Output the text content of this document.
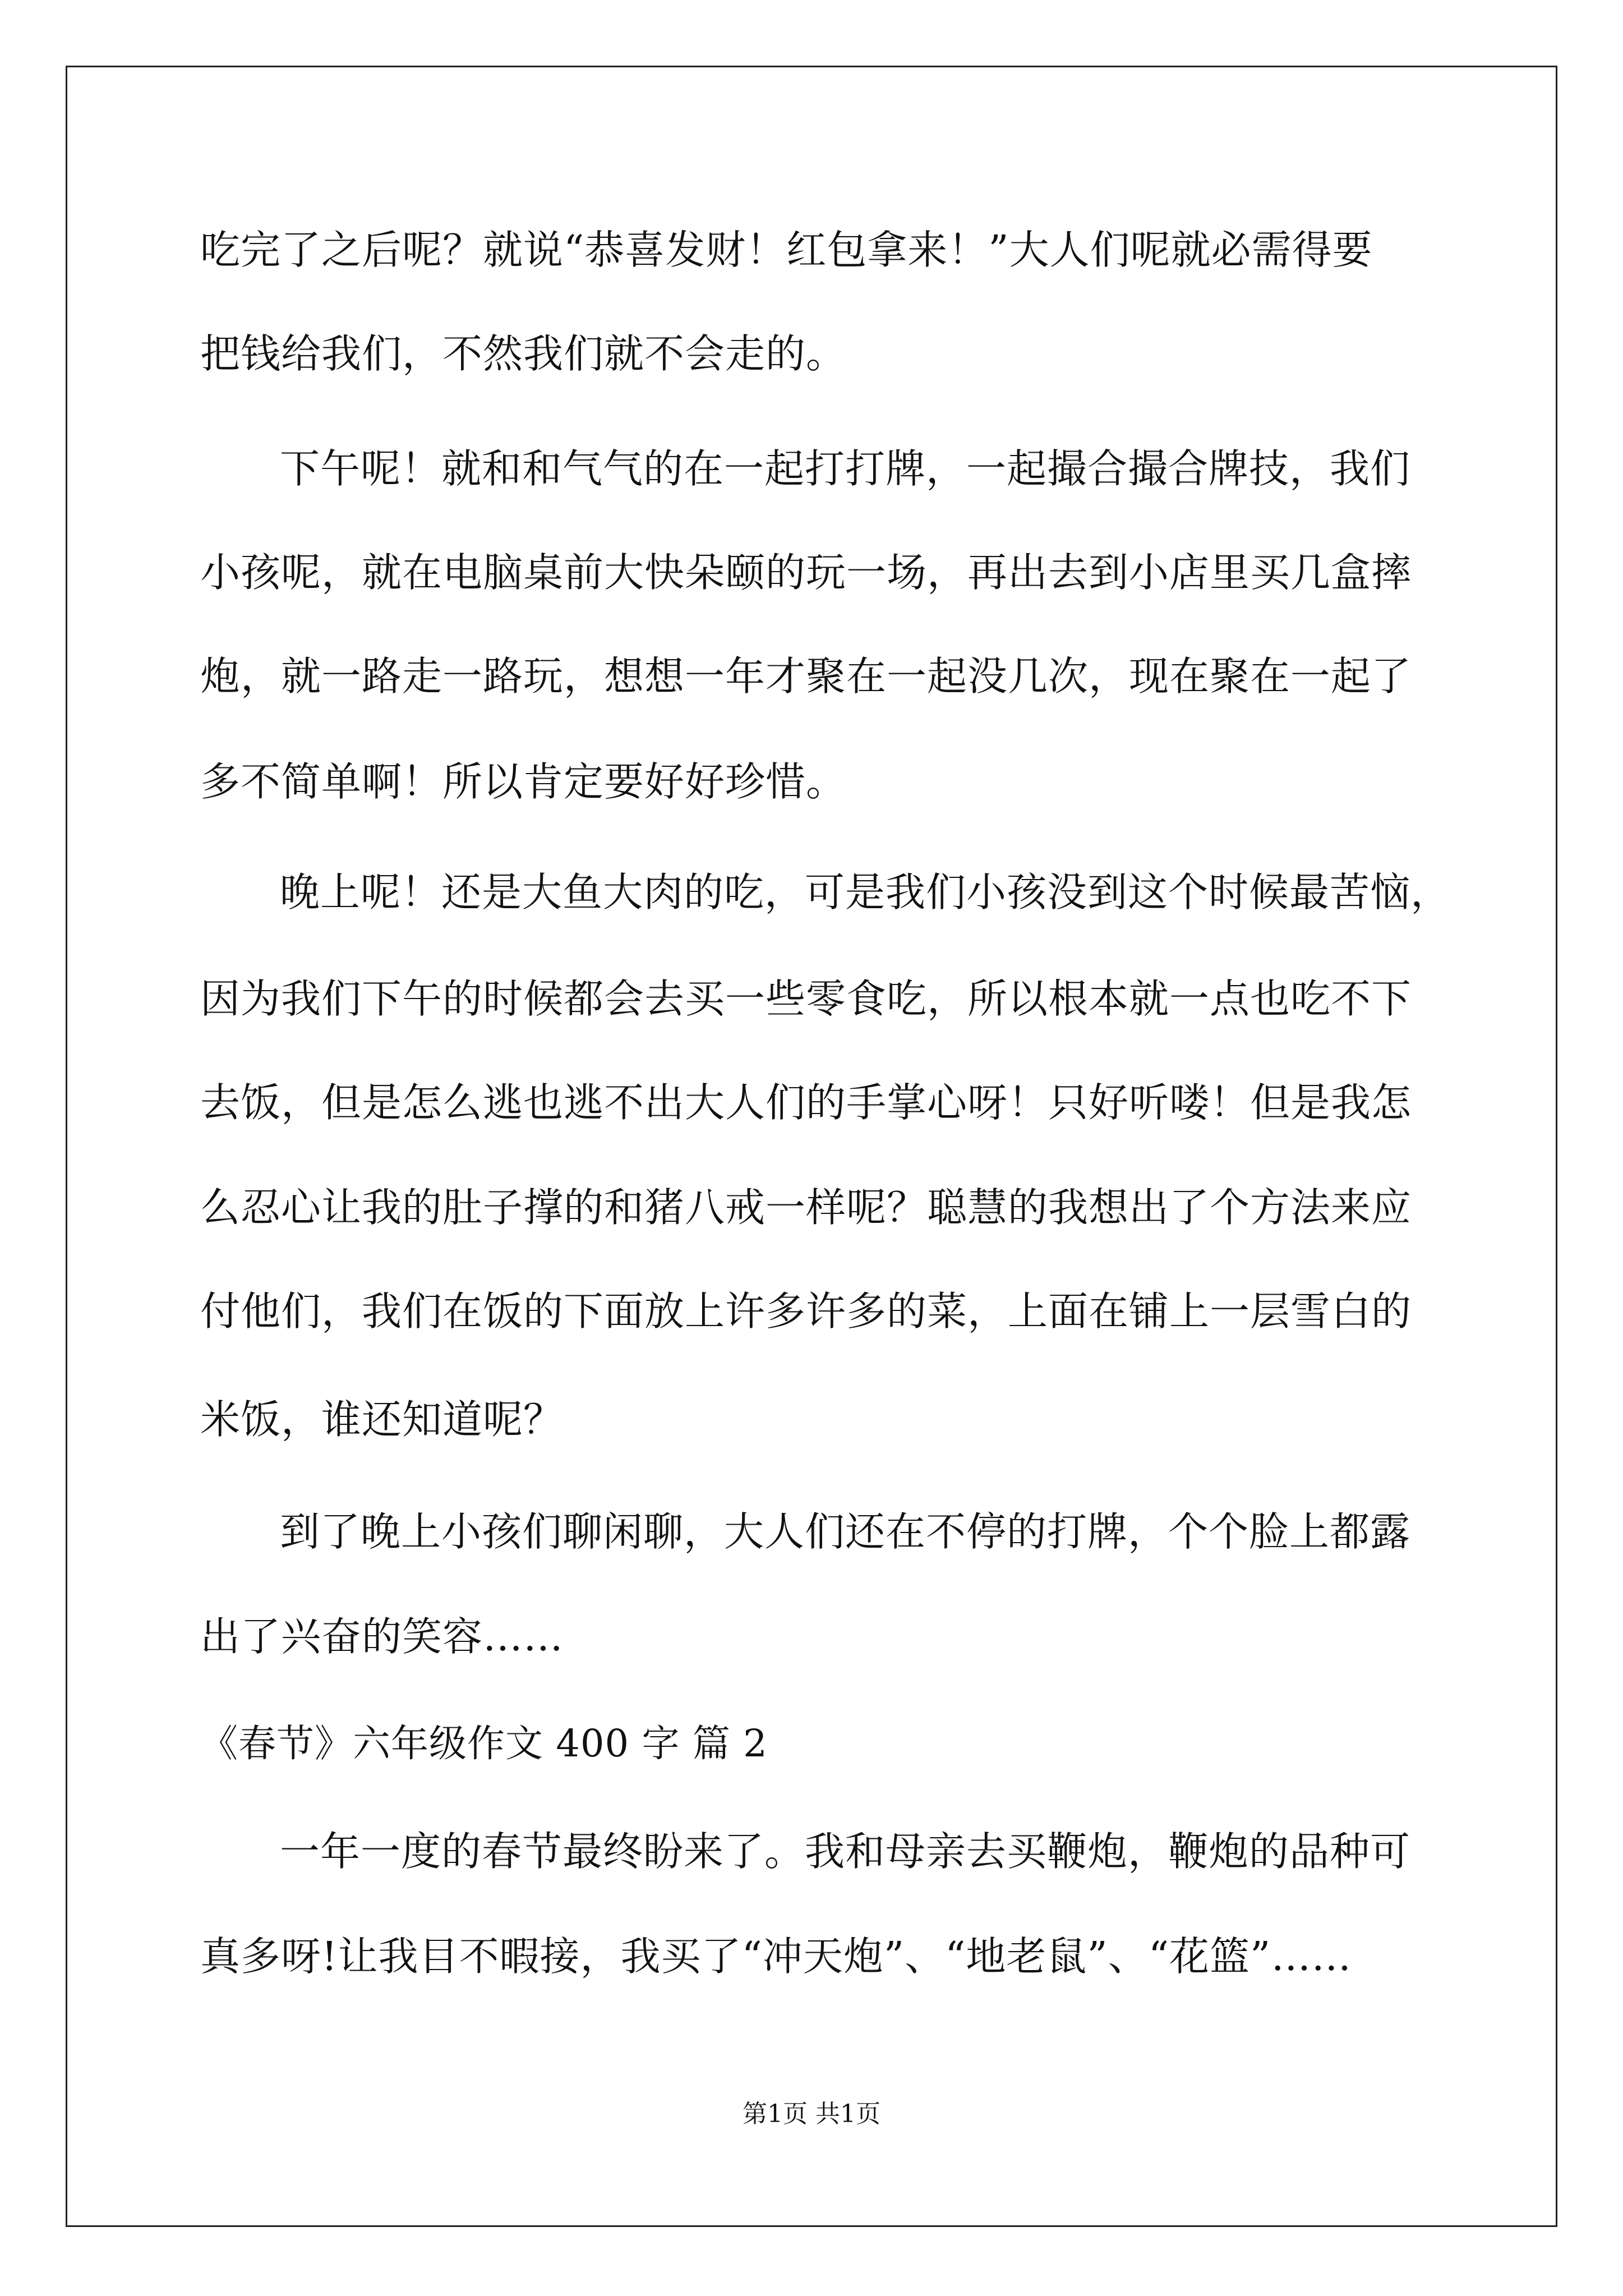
吃完了之后呢？就说“恭喜发财！红包拿来！”大人们呢就必需得要
把钱给我们，不然我们就不会走的。
下午呢！就和和气气的在一起打打牌，一起撮合撮合牌技，我们
小孩呢，就在电脑桌前大快朵颐的玩一场，再出去到小店里买几盒摔
炮，就一路走一路玩，想想一年才聚在一起没几次，现在聚在一起了
多不简单啊！所以肯定要好好珍惜。
晚上呢！还是大鱼大肉的吃，可是我们小孩没到这个时候最苦恼，
因为我们下午的时候都会去买一些零食吃，所以根本就一点也吃不下
去饭，但是怎么逃也逃不出大人们的手掌心呀！只好听喽！但是我怎
么忍心让我的肚子撑的和猪八戒一样呢？聪慧的我想出了个方法来应
付他们，我们在饭的下面放上许多许多的菜，上面在铺上一层雪白的
米饭，谁还知道呢？
到了晚上小孩们聊闲聊，大人们还在不停的打牌，个个脸上都露
出了兴奋的笑容……
《春节》六年级作文 400 字 篇 2
一年一度的春节最终盼来了。我和母亲去买鞭炮，鞭炮的品种可
真多呀!让我目不暇接，我买了“冲天炮”、“地老鼠”、“花篮”……
第1页 共1页
